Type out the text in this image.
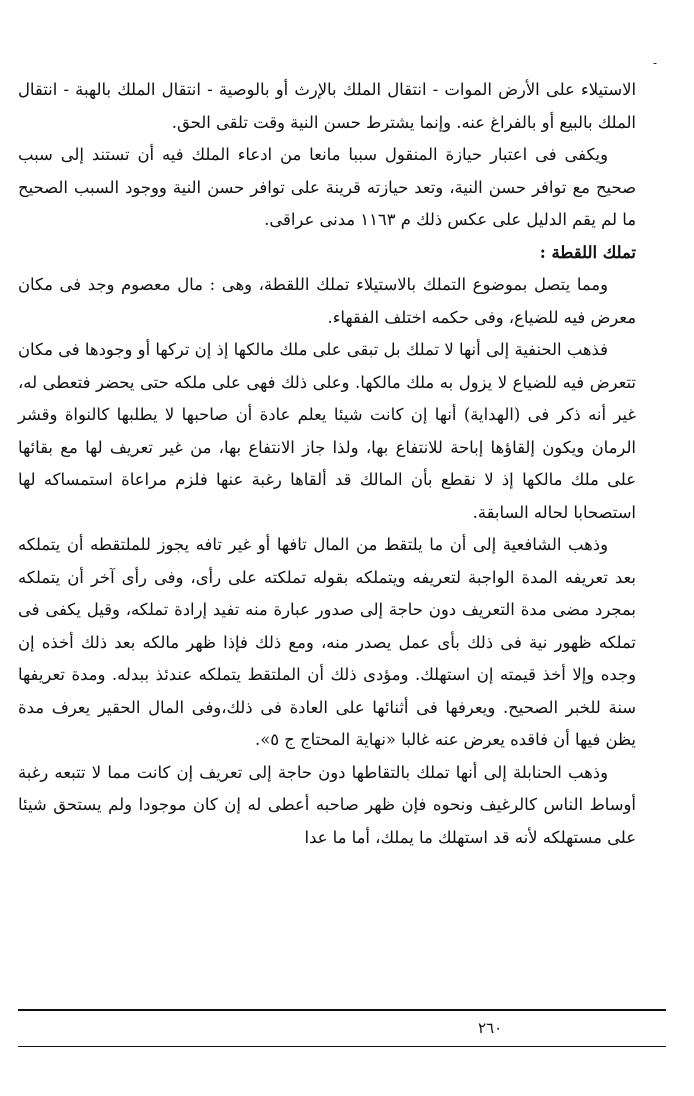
-

الاستيلاء على الأرض الموات - انتقال الملك بالإرث أو بالوصية - انتقال الملك بالهبة - انتقال الملك بالبيع أو بالفراغ عنه. وإنما يشترط حسن النية وقت تلقى الحق.

ويكفى فى اعتبار حيازة المنقول سببا مانعا من ادعاء الملك فيه أن تستند إلى سبب صحيح مع توافر حسن النية، وتعد حيازته قرينة على توافر حسن النية ووجود السبب الصحيح ما لم يقم الدليل على عكس ذلك م ١١٦٣ مدنى عراقى.

تملك اللقطة :

ومما يتصل بموضوع التملك بالاستيلاء تملك اللقطة، وهى : مال معصوم وجد فى مكان معرض فيه للضياع، وفى حكمه اختلف الفقهاء.

فذهب الحنفية إلى أنها لا تملك بل تبقى على ملك مالكها إذ إن تركها أو وجودها فى مكان تتعرض فيه للضياع لا يزول به ملك مالكها. وعلى ذلك فهى على ملكه حتى يحضر فتعطى له، غير أنه ذكر فى (الهداية) أنها إن كانت شيئا يعلم عادة أن صاحبها لا يطلبها كالنواة وقشر الرمان ويكون إلقاؤها إباحة للانتفاع بها، ولذا جاز الانتفاع بها، من غير تعريف لها مع بقائها على ملك مالكها إذ لا نقطع بأن المالك قد ألقاها رغبة عنها فلزم مراعاة استمساكه لها استصحابا لحاله السابقة.

وذهب الشافعية إلى أن ما يلتقط من المال تافها أو غير تافه يجوز للملتقطه أن يتملكه بعد تعريفه المدة الواجبة لتعريفه ويتملكه بقوله تملكته على رأى، وفى رأى آخر أن يتملكه بمجرد مضى مدة التعريف دون حاجة إلى صدور عبارة منه تفيد إرادة تملكه، وقيل يكفى فى تملكه ظهور نية فى ذلك بأى عمل يصدر منه، ومع ذلك فإذا ظهر مالكه بعد ذلك أخذه إن وجده وإلا أخذ قيمته إن استهلك. ومؤدى ذلك أن الملتقط يتملكه عندئذ ببدله. ومدة تعريفها سنة للخبر الصحيح. ويعرفها فى أثنائها على العادة فى ذلك،وفى المال الحقير يعرف مدة يظن فيها أن فاقده يعرض عنه غالبا «نهاية المحتاج ج ٥».

وذهب الحنابلة إلى أنها تملك بالتقاطها دون حاجة إلى تعريف إن كانت مما لا تتبعه رغبة أوساط الناس كالرغيف ونحوه فإن ظهر صاحبه أعطى له إن كان موجودا ولم يستحق شيئا على مستهلكه لأنه قد استهلك ما يملك، أما ما عدا

٢٦٠
